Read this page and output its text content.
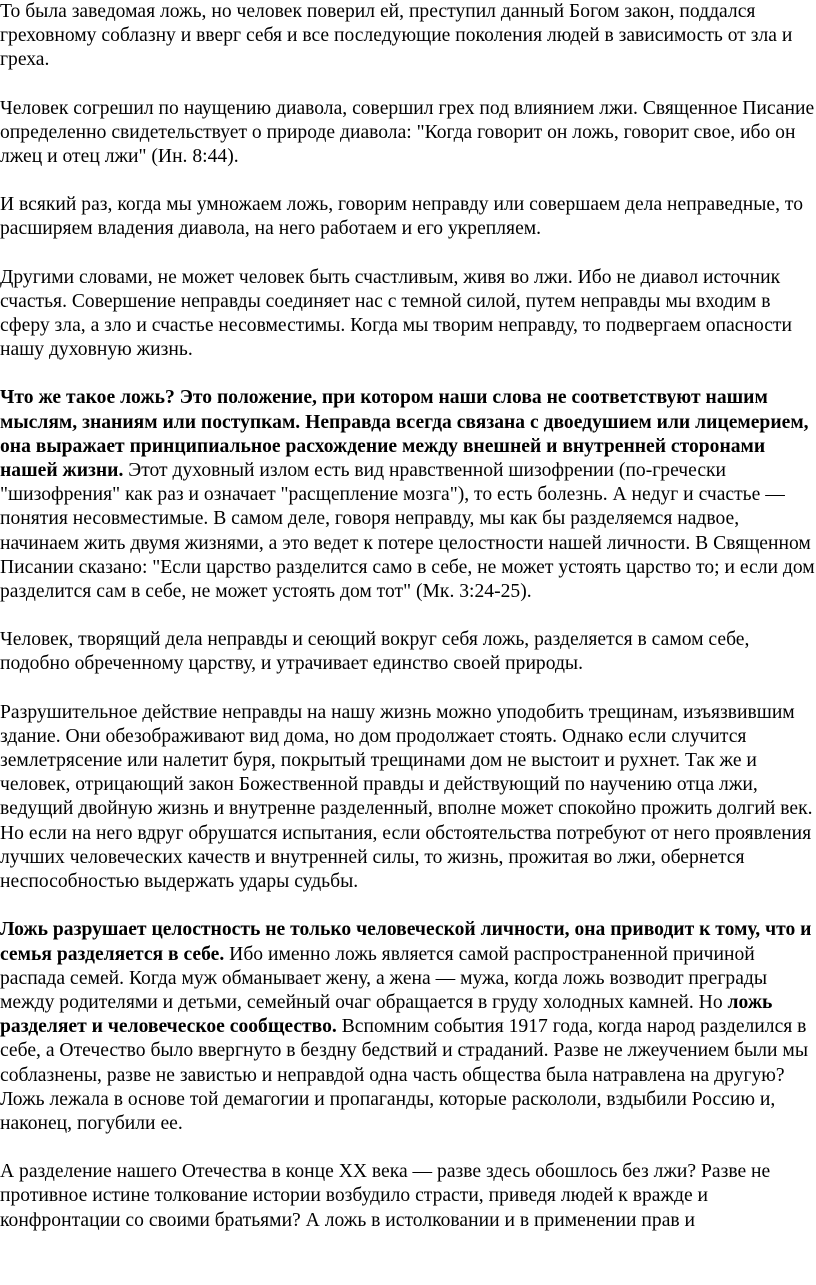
То была заведомая ложь, но человек поверил ей, преступил данный Богом закон, поддался греховному соблазну и вверг себя и все последующие поколения людей в зависимость от зла и греха.

Человек согрешил по наущению диавола, совершил грех под влиянием лжи. Священное Писание определенно свидетельствует о природе диавола: "Когда говорит он ложь, говорит свое, ибо он лжец и отец лжи" (Ин. 8:44).

И всякий раз, когда мы умножаем ложь, говорим неправду или совершаем дела неправедные, то расширяем владения диавола, на него работаем и его укрепляем.

Другими словами, не может человек быть счастливым, живя во лжи. Ибо не диавол источник счастья. Совершение неправды соединяет нас с темной силой, путем неправды мы входим в сферу зла, а зло и счастье несовместимы. Когда мы творим неправду, то подвергаем опасности нашу духовную жизнь.

Что же такое ложь? Это положение, при котором наши слова не соответствуют нашим мыслям, знаниям или поступкам. Неправда всегда связана с двоедушием или лицемерием, она выражает принципиальное расхождение между внешней и внутренней сторонами нашей жизни. Этот духовный излом есть вид нравственной шизофрении (по-гречески "шизофрения" как раз и означает "расщепление мозга"), то есть болезнь. А недуг и счастье — понятия несовместимые. В самом деле, говоря неправду, мы как бы разделяемся надвое, начинаем жить двумя жизнями, а это ведет к потере целостности нашей личности. В Священном Писании сказано: "Если царство разделится само в себе, не может устоять царство то; и если дом разделится сам в себе, не может устоять дом тот" (Мк. 3:24-25).

Человек, творящий дела неправды и сеющий вокруг себя ложь, разделяется в самом себе, подобно обреченному царству, и утрачивает единство своей природы.

Разрушительное действие неправды на нашу жизнь можно уподобить трещинам, изъязвившим здание. Они обезображивают вид дома, но дом продолжает стоять. Однако если случится землетрясение или налетит буря, покрытый трещинами дом не выстоит и рухнет. Так же и человек, отрицающий закон Божественной правды и действующий по научению отца лжи, ведущий двойную жизнь и внутренне разделенный, вполне может спокойно прожить долгий век. Но если на него вдруг обрушатся испытания, если обстоятельства потребуют от него проявления лучших человеческих качеств и внутренней силы, то жизнь, прожитая во лжи, обернется неспособностью выдержать удары судьбы.

Ложь разрушает целостность не только человеческой личности, она приводит к тому, что и семья разделяется в себе. Ибо именно ложь является самой распространенной причиной распада семей. Когда муж обманывает жену, а жена — мужа, когда ложь возводит преграды между родителями и детьми, семейный очаг обращается в груду холодных камней. Но ложь разделяет и человеческое сообщество. Вспомним события 1917 года, когда народ разделился в себе, а Отечество было ввергнуто в бездну бедствий и страданий. Разве не лжеучением были мы соблазнены, разве не завистью и неправдой одна часть общества была натравлена на другую? Ложь лежала в основе той демагогии и пропаганды, которые раскололи, вздыбили Россию и, наконец, погубили ее.

А разделение нашего Отечества в конце XX века — разве здесь обошлось без лжи? Разве не противное истине толкование истории возбудило страсти, приведя людей к вражде и конфронтации со своими братьями? А ложь в истолковании и в применении прав и
